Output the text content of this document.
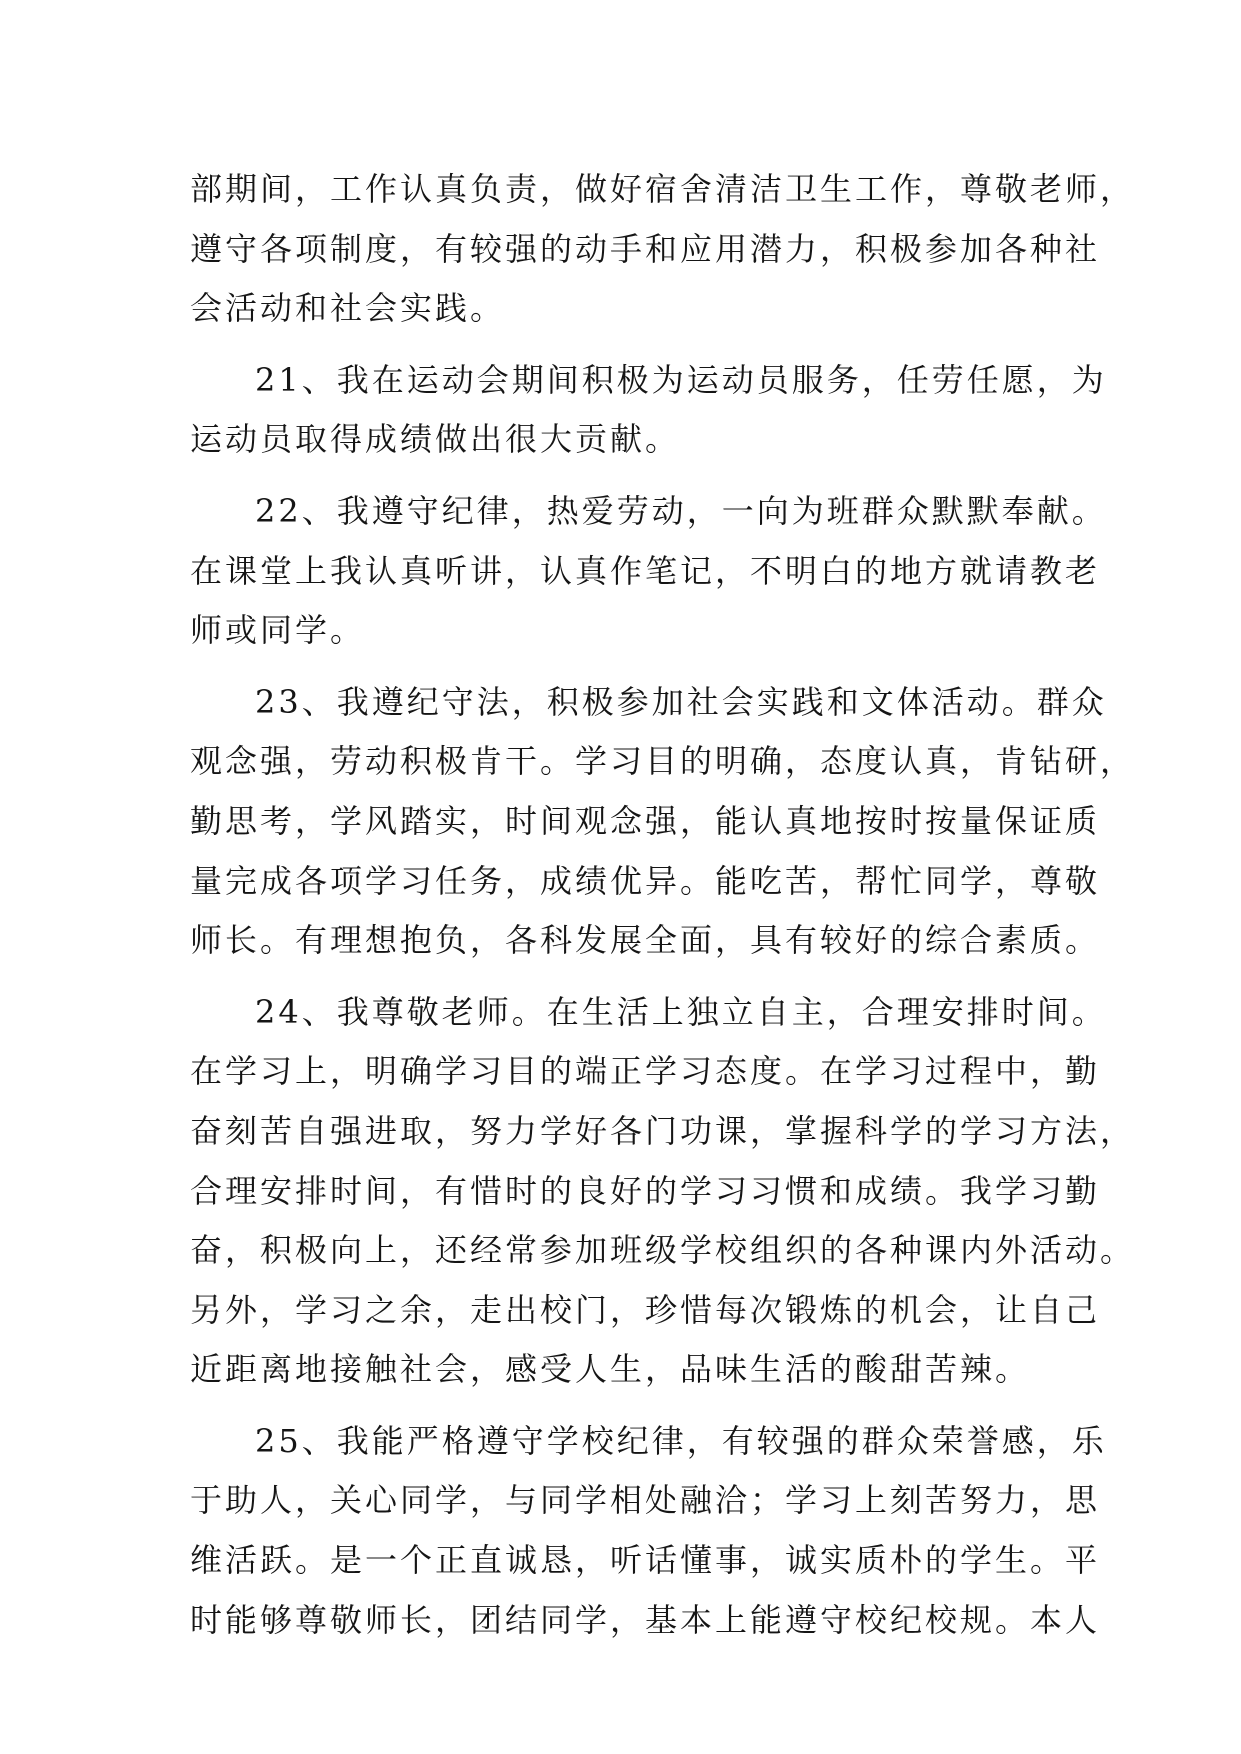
部期间，工作认真负责，做好宿舍清洁卫生工作，尊敬老师，
遵守各项制度，有较强的动手和应用潜力，积极参加各种社
会活动和社会实践。
21、我在运动会期间积极为运动员服务，任劳任愿，为
运动员取得成绩做出很大贡献。
22、我遵守纪律，热爱劳动，一向为班群众默默奉献。
在课堂上我认真听讲，认真作笔记，不明白的地方就请教老
师或同学。
23、我遵纪守法，积极参加社会实践和文体活动。群众
观念强，劳动积极肯干。学习目的明确，态度认真，肯钻研，
勤思考，学风踏实，时间观念强，能认真地按时按量保证质
量完成各项学习任务，成绩优异。能吃苦，帮忙同学，尊敬
师长。有理想抱负，各科发展全面，具有较好的综合素质。
24、我尊敬老师。在生活上独立自主，合理安排时间。
在学习上，明确学习目的端正学习态度。在学习过程中，勤
奋刻苦自强进取，努力学好各门功课，掌握科学的学习方法，
合理安排时间，有惜时的良好的学习习惯和成绩。我学习勤
奋，积极向上，还经常参加班级学校组织的各种课内外活动。
另外，学习之余，走出校门，珍惜每次锻炼的机会，让自己
近距离地接触社会，感受人生，品味生活的酸甜苦辣。
25、我能严格遵守学校纪律，有较强的群众荣誉感，乐
于助人，关心同学，与同学相处融洽；学习上刻苦努力，思
维活跃。是一个正直诚恳，听话懂事，诚实质朴的学生。平
时能够尊敬师长，团结同学，基本上能遵守校纪校规。本人
